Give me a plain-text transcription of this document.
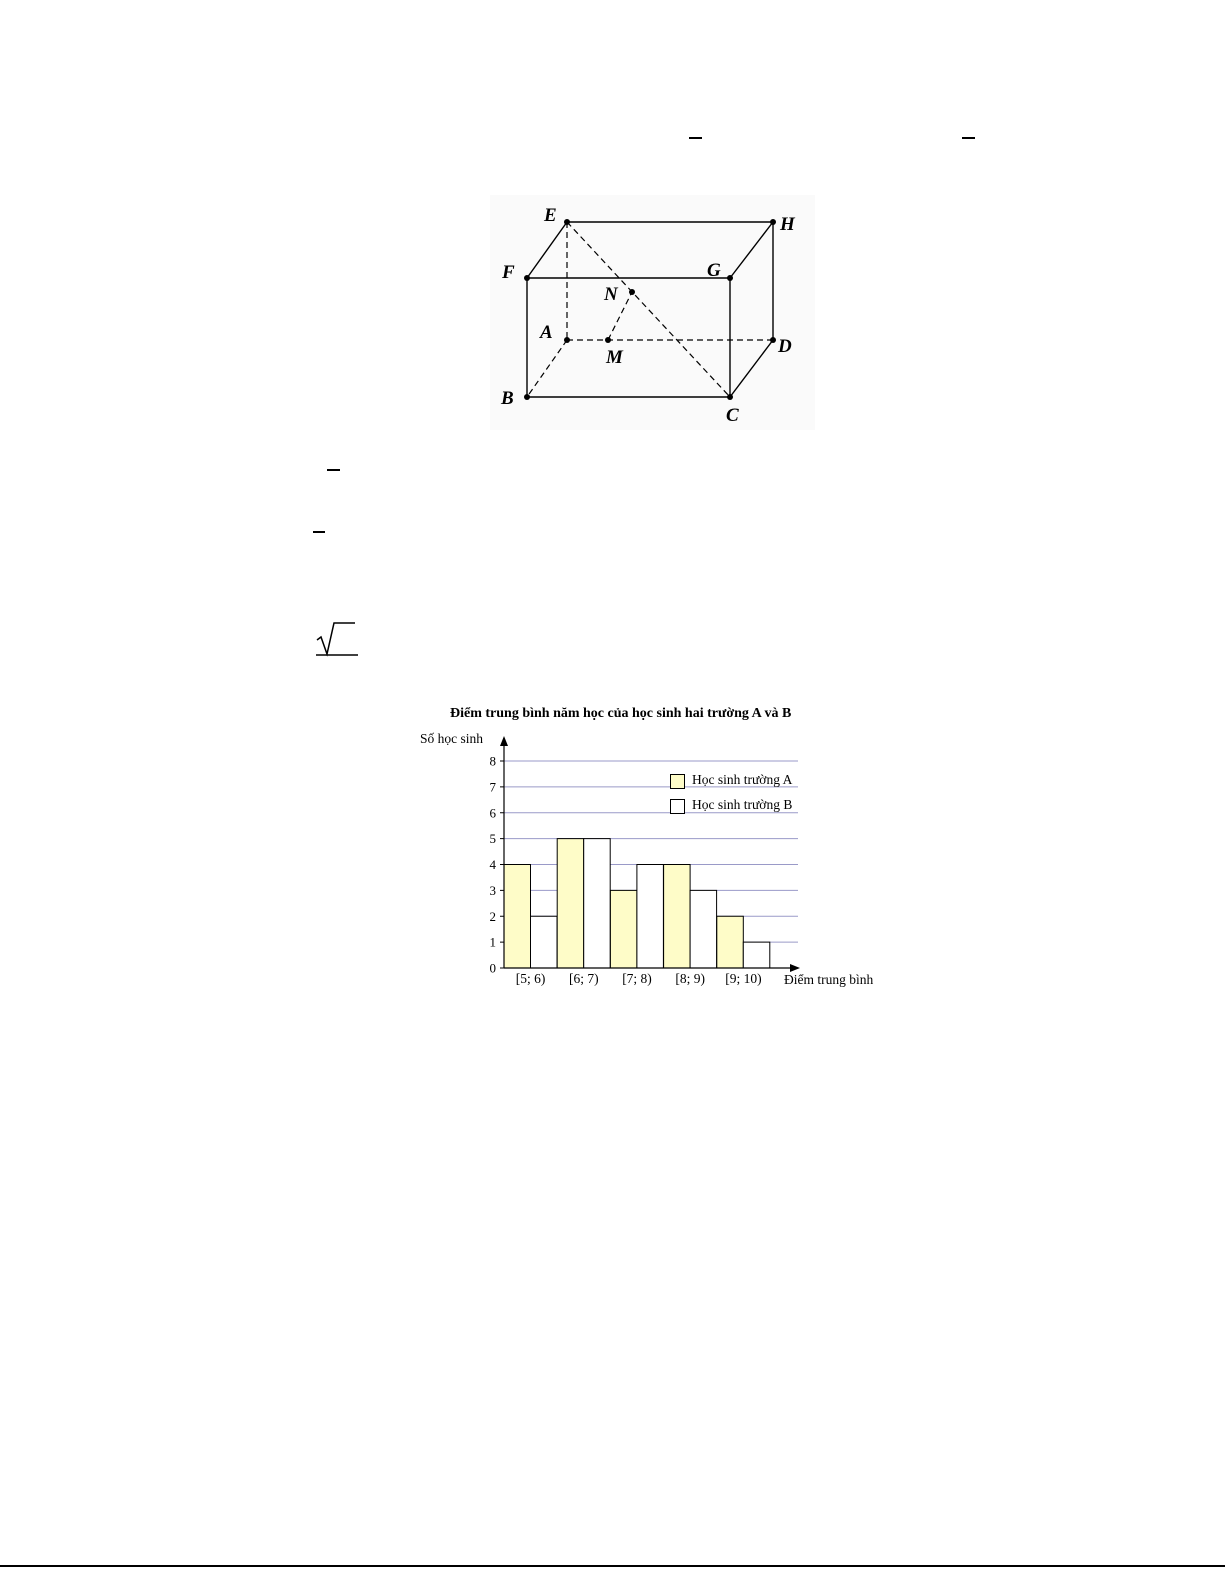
E	H
F	G
N
A
M
D
B
C
0
1
2
3
4
5
6
7
8
[5; 6) [6; 7) [7; 8) [8; 9) [9; 10)
Điểm trung bình năm học của học sinh hai trường A và B
Số học sinh
Điểm trung bình
Học sinh trường A
Học sinh trường B
